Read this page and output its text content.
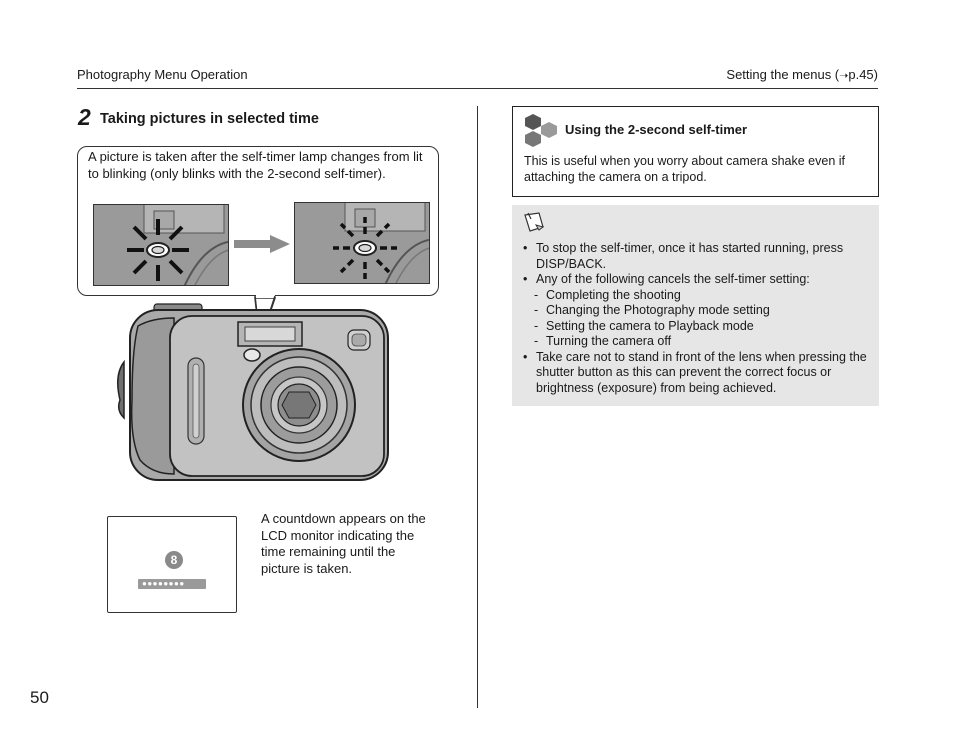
Photography Menu Operation	Setting the menus (➝p.45)
2 Taking pictures in selected time
A picture is taken after the self-timer lamp changes from lit to blinking (only blinks with the 2-second self-timer).
8
●●●●●●●●
A countdown appears on the LCD monitor indicating the time remaining until the picture is taken.
Using the 2-second self-timer
This is useful when you worry about camera shake even if attaching the camera on a tripod.
• To stop the self-timer, once it has started running, press DISP/BACK.
• Any of the following cancels the self-timer setting:
- Completing the shooting
- Changing the Photography mode setting
- Setting the camera to Playback mode
- Turning the camera off
• Take care not to stand in front of the lens when pressing the shutter button as this can prevent the correct focus or brightness (exposure) from being achieved.
50
